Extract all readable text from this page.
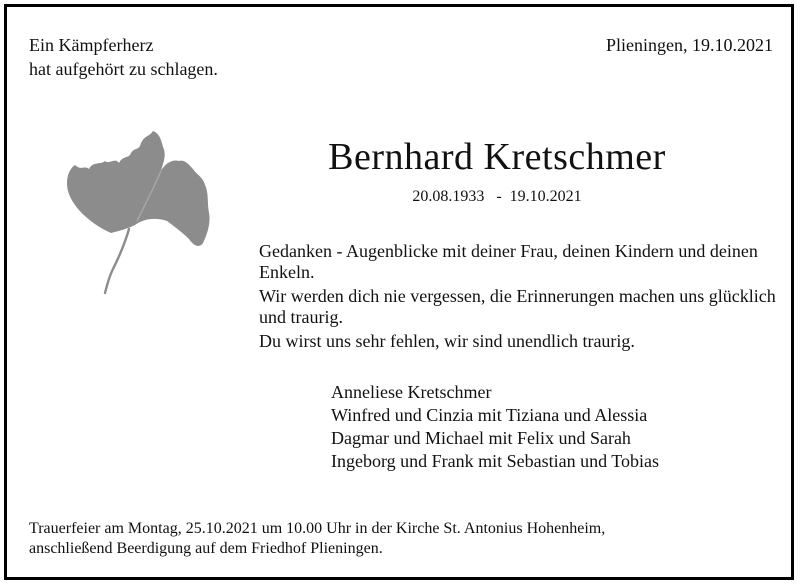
Ein Kämpferherz
hat aufgehört zu schlagen.
Plieningen, 19.10.2021
Bernhard Kretschmer
20.08.1933   -  19.10.2021

Gedanken - Augenblicke mit deiner Frau, deinen Kindern und deinen Enkeln.

Wir werden dich nie vergessen, die Erinnerungen machen uns glücklich und traurig.

Du wirst uns sehr fehlen, wir sind unendlich traurig.

Anneliese Kretschmer
Winfred und Cinzia mit Tiziana und Alessia
Dagmar und Michael mit Felix und Sarah
Ingeborg und Frank mit Sebastian und Tobias
Trauerfeier am Montag, 25.10.2021 um 10.00 Uhr in der Kirche St. Antonius Hohenheim,
anschließend Beerdigung auf dem Friedhof Plieningen.
